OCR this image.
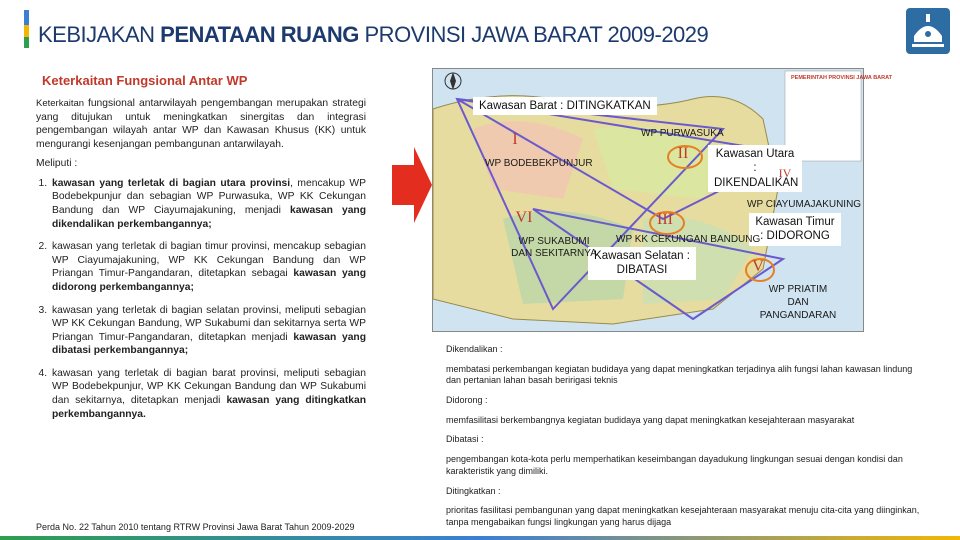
KEBIJAKAN PENATAAN RUANG PROVINSI JAWA BARAT 2009-2029
Keterkaitan Fungsional Antar WP

Keterkaitan fungsional antarwilayah pengembangan merupakan strategi yang ditujukan untuk meningkatkan sinergitas dan integrasi pengembangan wilayah antar WP dan Kawasan Khusus (KK) untuk mengurangi kesenjangan pembangunan antarwilayah.

Meliputi :

1. kawasan yang terletak di bagian utara provinsi, mencakup WP Bodebekpunjur dan sebagian WP Purwasuka, WP KK Cekungan Bandung dan WP Ciayumajakuning, menjadi kawasan yang dikendalikan perkembangannya;
2. kawasan yang terletak di bagian timur provinsi, mencakup sebagian WP Ciayumajakuning, WP KK Cekungan Bandung dan WP Priangan Timur-Pangandaran, ditetapkan sebagai kawasan yang didorong perkembangannya;
3. kawasan yang terletak di bagian selatan provinsi, meliputi sebagian WP KK Cekungan Bandung, WP Sukabumi dan sekitarnya serta WP Priangan Timur-Pangandaran, ditetapkan menjadi kawasan yang dibatasi perkembangannya;
4. kawasan yang terletak di bagian barat provinsi, meliputi sebagian WP Bodebekpunjur, WP KK Cekungan Bandung dan WP Sukabumi dan sekitarnya, ditetapkan menjadi kawasan yang ditingkatkan perkembangannya.
Perda No. 22 Tahun 2010 tentang RTRW Provinsi Jawa Barat Tahun 2009-2029
PEMERINTAH PROVINSI JAWA BARAT
Kawasan Barat : DITINGKATKAN
Kawasan Utara : DIKENDALIKAN
Kawasan Timur : DIDORONG
Kawasan Selatan : DIBATASI
WP PURWASUKA
WP BODEBEKPUNJUR
WP CIAYUMAJAKUNING
WP KK CEKUNGAN BANDUNG
WP SUKABUMI DAN SEKITARNYA
WP PRIATIM DAN PANGANDARAN
I
II
IV
III
VI
V

Dikendalikan :

membatasi perkembangan kegiatan budidaya yang dapat meningkatkan terjadinya alih fungsi lahan kawasan lindung dan pertanian lahan basah beririgasi teknis

Didorong :

memfasilitasi berkembangnya kegiatan budidaya yang dapat meningkatkan kesejahteraan masyarakat

Dibatasi :

pengembangan kota-kota perlu memperhatikan keseimbangan dayadukung lingkungan sesuai dengan kondisi dan karakteristik yang dimiliki.

Ditingkatkan :

prioritas fasilitasi pembangunan yang dapat meningkatkan kesejahteraan masyarakat menuju cita-cita yang diinginkan, tanpa mengabaikan fungsi lingkungan yang harus dijaga
